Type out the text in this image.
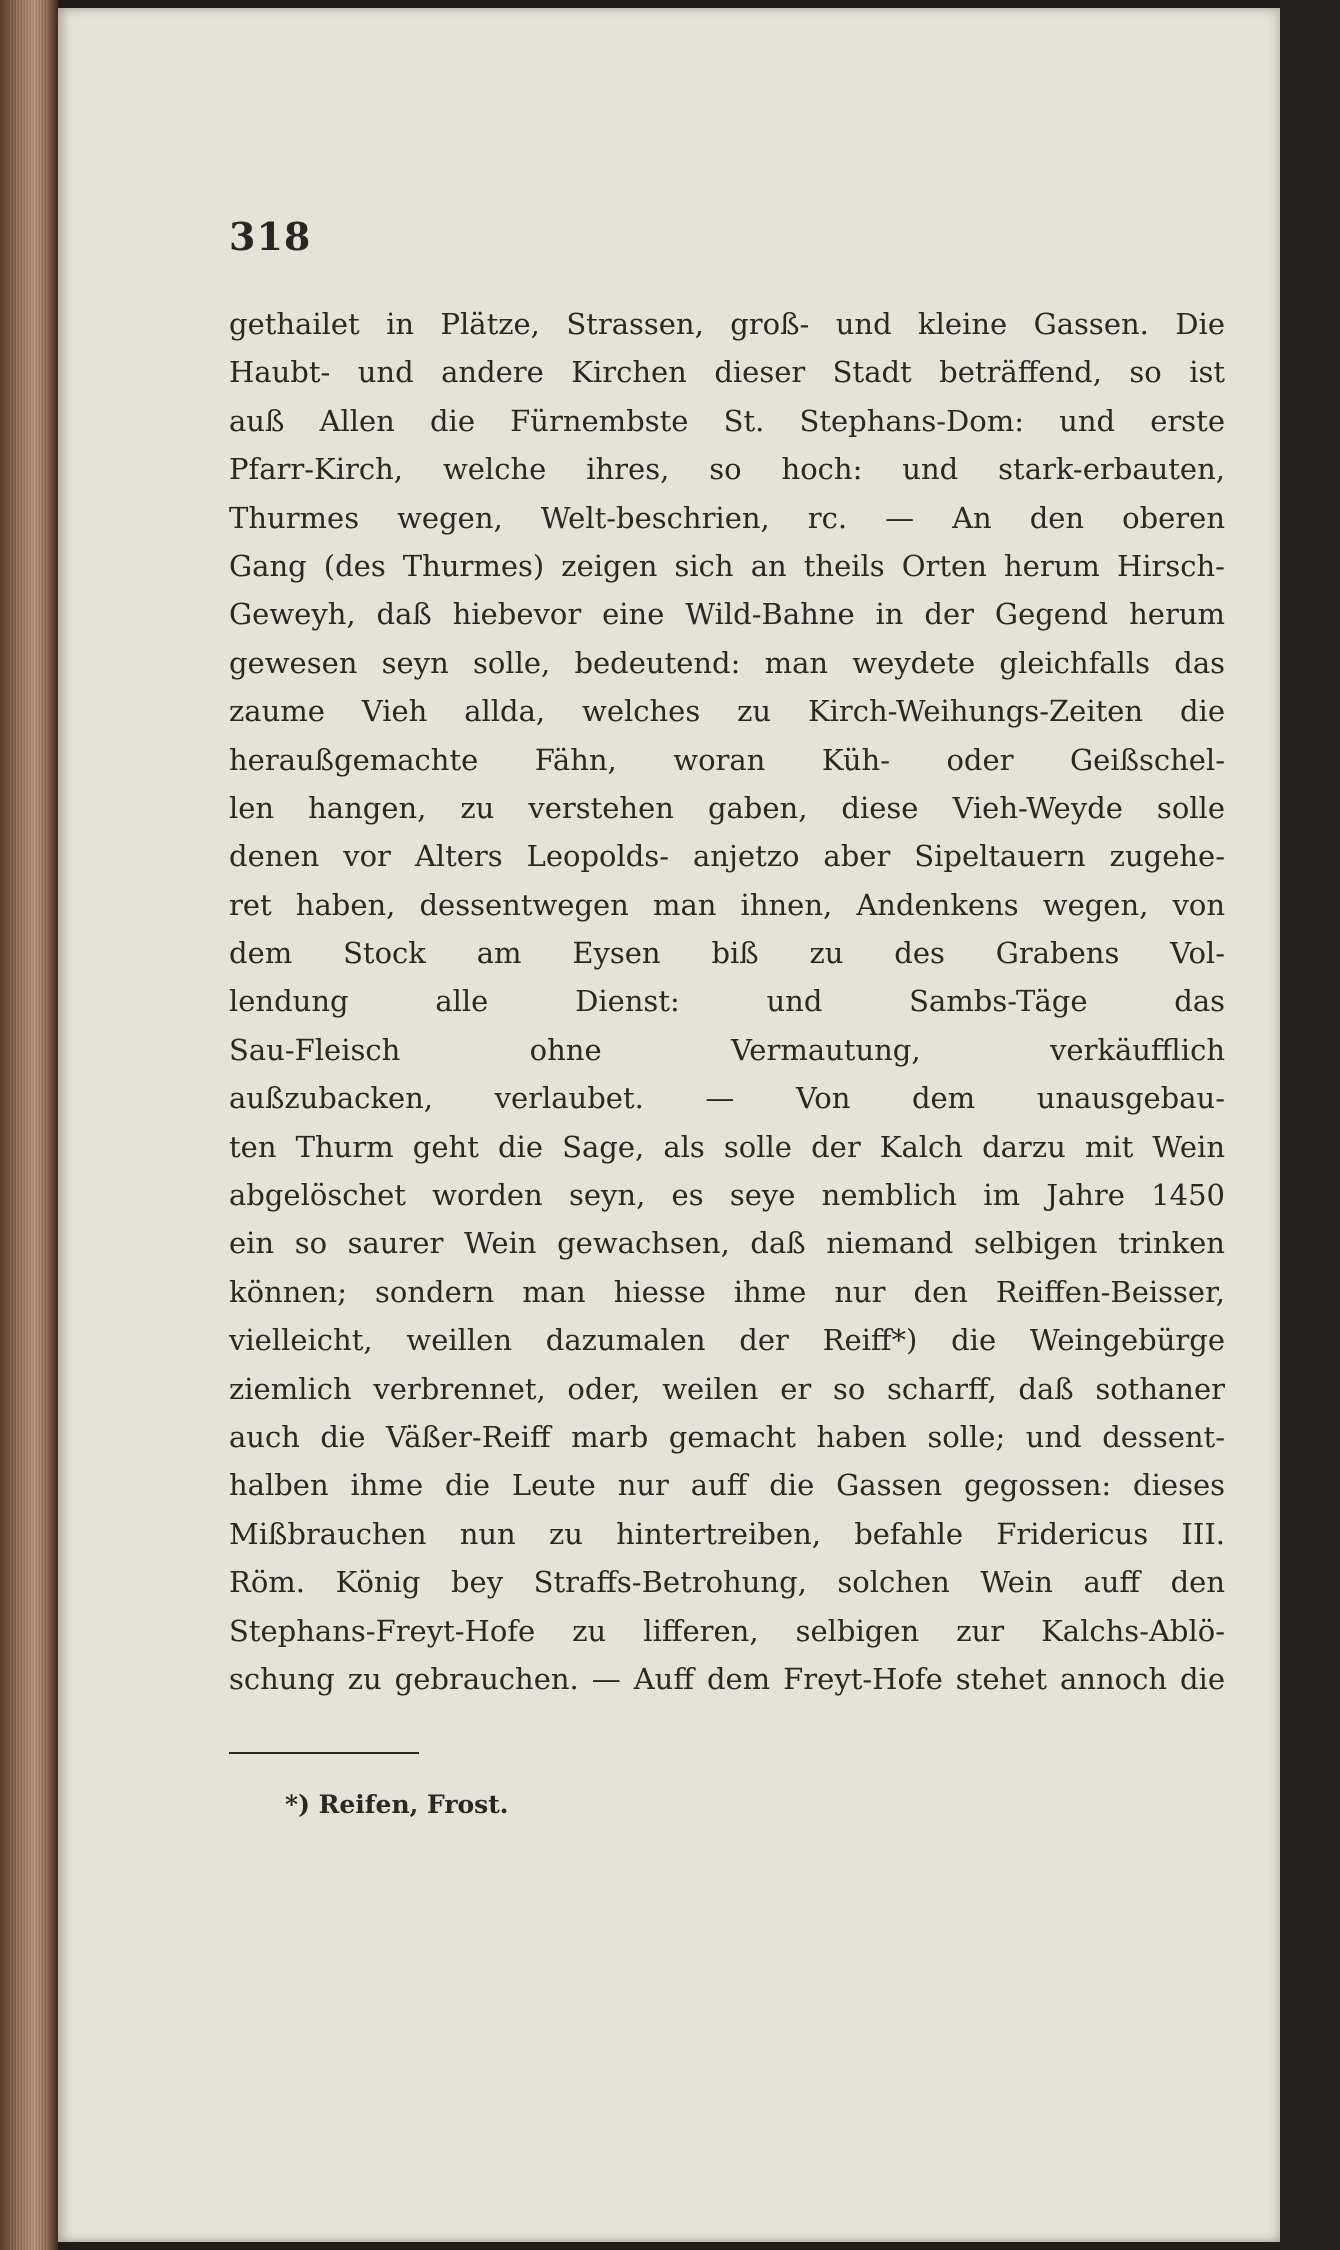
318

gethailet in Plätze, Strassen, groß- und kleine Gassen. Die
Haubt- und andere Kirchen dieser Stadt beträffend, so ist
auß Allen die Fürnembste St. Stephans-Dom: und erste
Pfarr-Kirch, welche ihres, so hoch: und stark-erbauten,
Thurmes wegen, Welt-beschrien, rc. — An den oberen
Gang (des Thurmes) zeigen sich an theils Orten herum Hirsch-
Geweyh, daß hiebevor eine Wild-Bahne in der Gegend herum
gewesen seyn solle, bedeutend: man weydete gleichfalls das
zaume Vieh allda, welches zu Kirch-Weihungs-Zeiten die
heraußgemachte Fähn, woran Küh- oder Geißschel-
len hangen, zu verstehen gaben, diese Vieh-Weyde solle
denen vor Alters Leopolds- anjetzo aber Sipeltauern zugehe-
ret haben, dessentwegen man ihnen, Andenkens wegen, von
dem Stock am Eysen biß zu des Grabens Vol-
lendung alle Dienst: und Sambs-Täge das
Sau-Fleisch ohne Vermautung, verkäufflich
außzubacken, verlaubet. — Von dem unausgebau-
ten Thurm geht die Sage, als solle der Kalch darzu mit Wein
abgelöschet worden seyn, es seye nemblich im Jahre 1450
ein so saurer Wein gewachsen, daß niemand selbigen trinken
können; sondern man hiesse ihme nur den Reiffen-Beisser,
vielleicht, weillen dazumalen der Reiff*) die Weingebürge
ziemlich verbrennet, oder, weilen er so scharff, daß sothaner
auch die Väßer-Reiff marb gemacht haben solle; und dessent-
halben ihme die Leute nur auff die Gassen gegossen: dieses
Mißbrauchen nun zu hintertreiben, befahle Fridericus III.
Röm. König bey Straffs-Betrohung, solchen Wein auff den
Stephans-Freyt-Hofe zu lifferen, selbigen zur Kalchs-Ablö-
schung zu gebrauchen. — Auff dem Freyt-Hofe stehet annoch die

*) Reifen, Frost.
